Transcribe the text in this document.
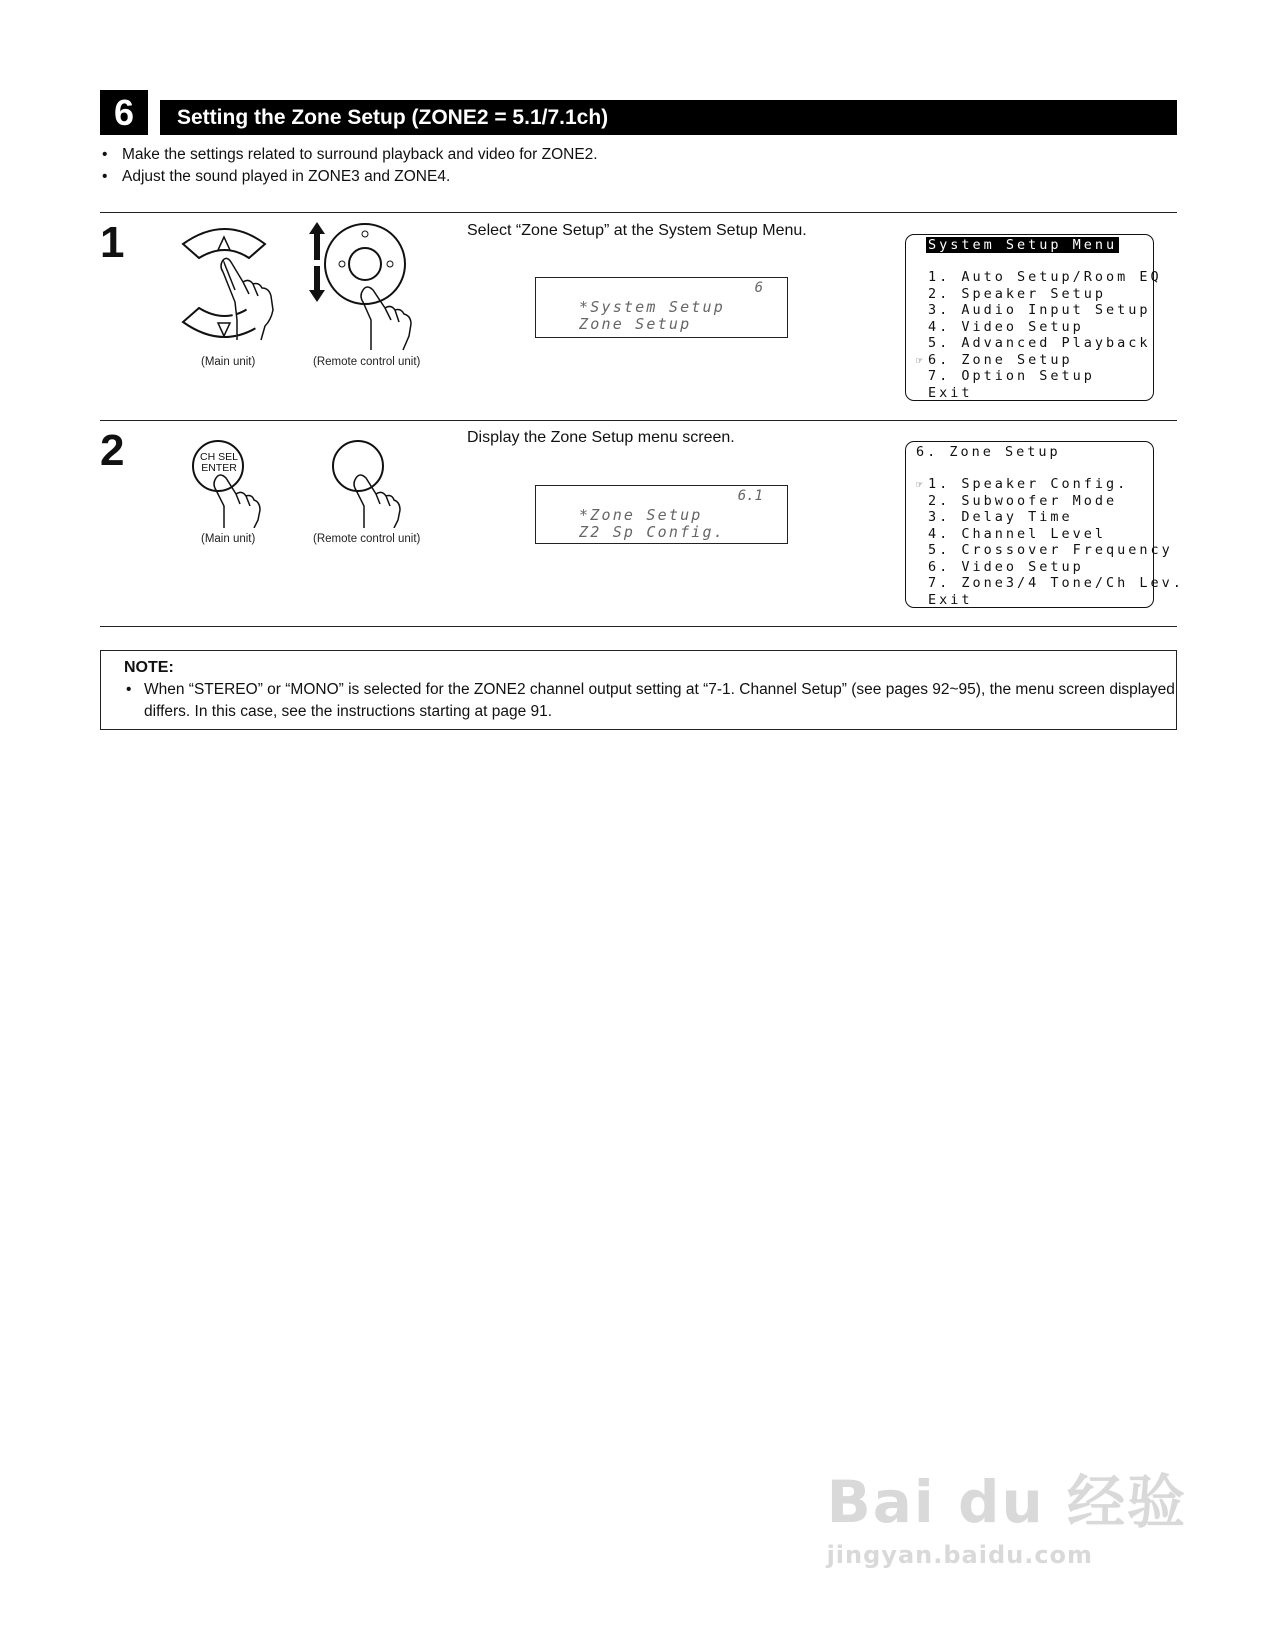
6	Setting the Zone Setup (ZONE2 = 5.1/7.1ch)
• Make the settings related to surround playback and video for ZONE2.
• Adjust the sound played in ZONE3 and ZONE4.
1
(Main unit)	(Remote control unit)
Select “Zone Setup” at the System Setup Menu.
6
*System Setup
Zone Setup
System Setup Menu
1. Auto Setup/Room EQ
2. Speaker Setup
3. Audio Input Setup
4. Video Setup
5. Advanced Playback
☞ 6. Zone Setup
7. Option Setup
Exit
2	CH SEL
ENTER
(Main unit)	(Remote control unit)
Display the Zone Setup menu screen.
6.1
*Zone Setup
Z2 Sp Config.
6. Zone Setup
☞ 1. Speaker Config.
2. Subwoofer Mode
3. Delay Time
4. Channel Level
5. Crossover Frequency
6. Video Setup
7. Zone3/4 Tone/Ch Lev.
Exit
NOTE:
• When “STEREO” or “MONO” is selected for the ZONE2 channel output setting at “7-1. Channel Setup” (see pages 92~95), the menu screen displayed differs. In this case, see the instructions starting at page 91.
Bai du 经验
jingyan.baidu.com
